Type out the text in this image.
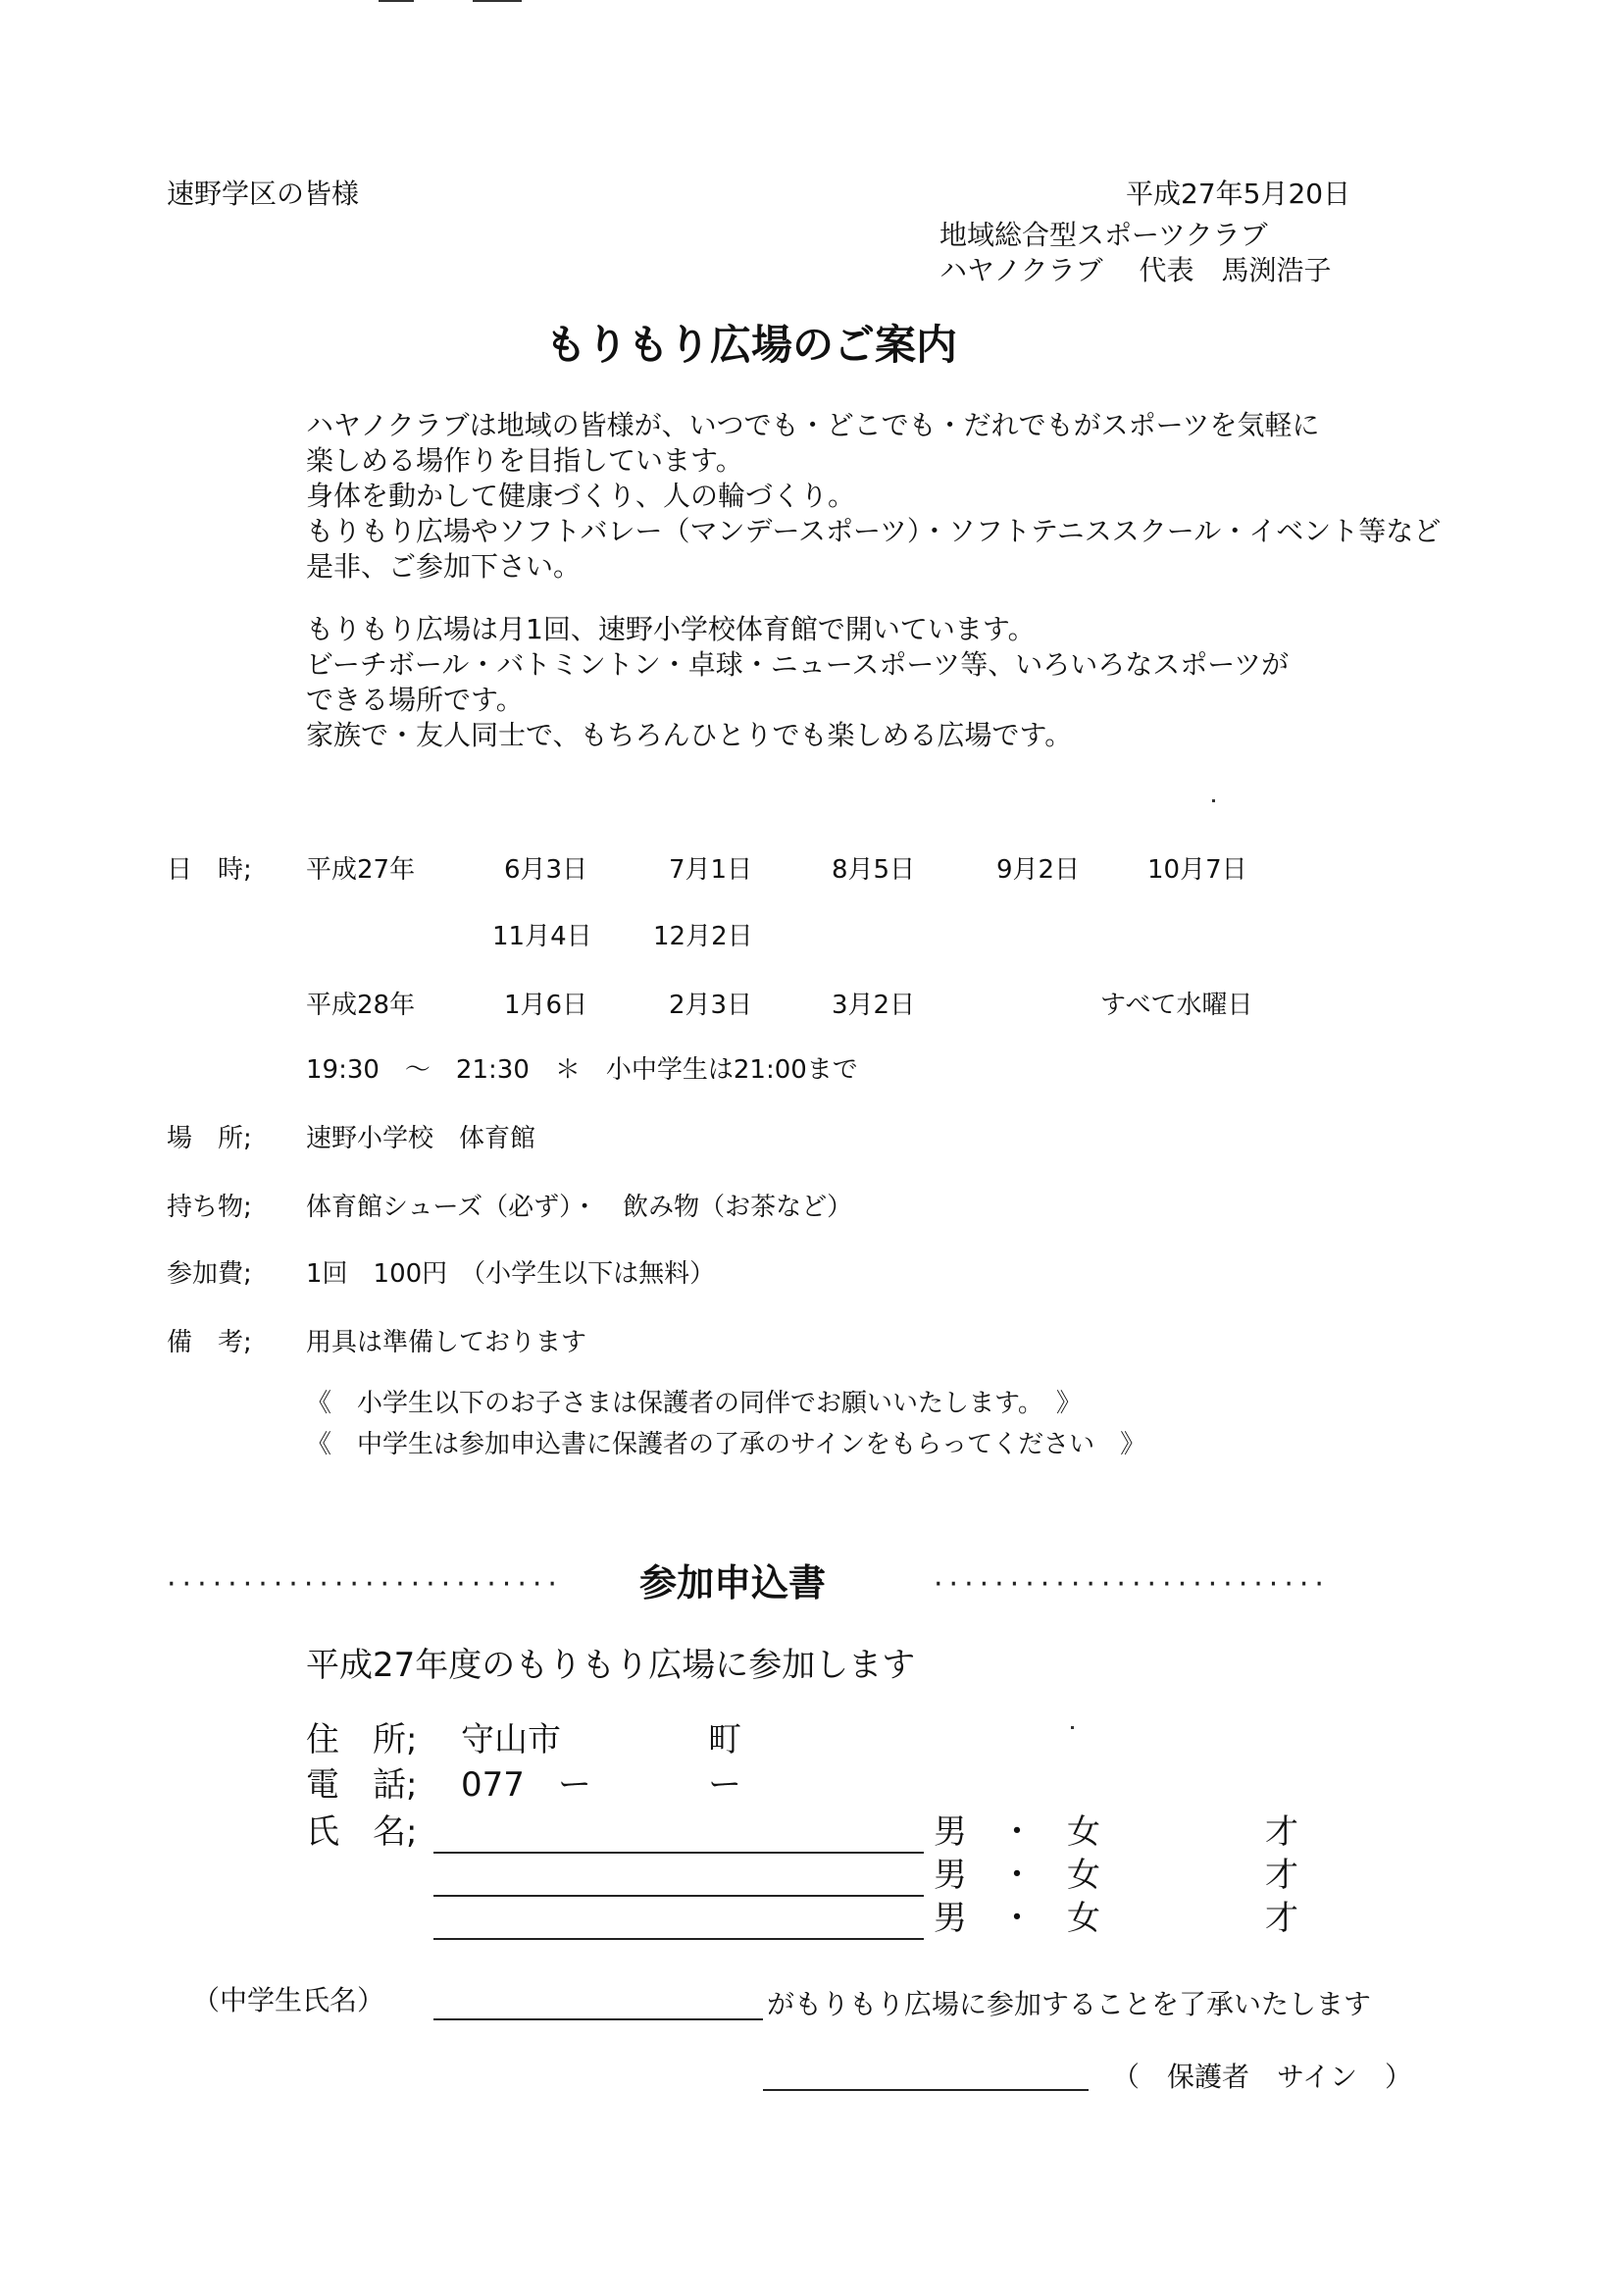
速野学区の皆様	平成27年5月20日
地域総合型スポーツクラブ
ハヤノクラブ　 代表　馬渕浩子
もりもり広場のご案内
ハヤノクラブは地域の皆様が、いつでも・どこでも・だれでもがスポーツを気軽に
楽しめる場作りを目指しています。
身体を動かして健康づくり、人の輪づくり。
もりもり広場やソフトバレー（マンデースポーツ）・ソフトテニススクール・イベント等など
是非、ご参加下さい。
もりもり広場は月1回、速野小学校体育館で開いています。
ビーチボール・バトミントン・卓球・ニュースポーツ等、いろいろなスポーツが
できる場所です。
家族で・友人同士で、もちろんひとりでも楽しめる広場です。
日　時; 平成27年	6月3日	7月1日	8月5日	9月2日	10月7日
11月4日 12月2日
平成28年	1月6日	2月3日	3月2日	すべて水曜日
19:30　～　21:30　＊　小中学生は21:00まで
場　所; 速野小学校　体育館
持ち物; 体育館シューズ（必ず）・　飲み物（お茶など）
参加費; 1回　100円　（小学生以下は無料）
備　考; 用具は準備しております
《　小学生以下のお子さまは保護者の同伴でお願いいたします。　》
《　中学生は参加申込書に保護者の了承のサインをもらってください　》
·························· 参加申込書	··························
平成27年度のもりもり広場に参加します
住　所; 守山市	町
電　話; 077　ー	ー
氏　名;	男　・　女	才
男　・　女	才
男　・　女	才
（中学生氏名）	がもりもり広場に参加することを了承いたします
（　保護者　サイン　）
